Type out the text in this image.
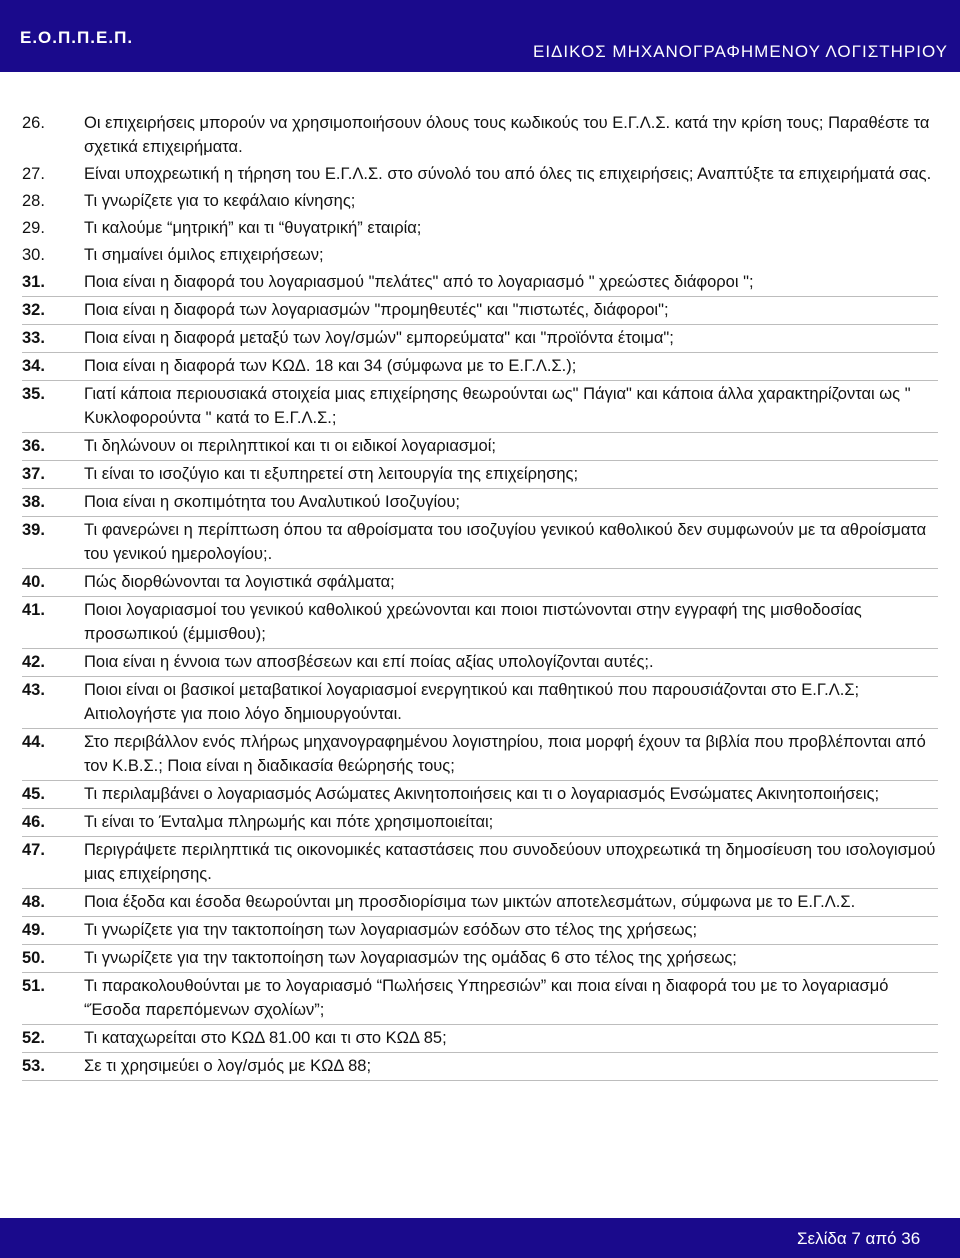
Ε.Ο.Π.Π.Ε.Π.
ΕΙΔΙΚΟΣ ΜΗΧΑΝΟΓΡΑΦΗΜΕΝΟΥ ΛΟΓΙΣΤΗΡΙΟΥ
26.	Οι επιχειρήσεις μπορούν να χρησιμοποιήσουν όλους τους κωδικούς του Ε.Γ.Λ.Σ. κατά την κρίση τους; Παραθέστε τα σχετικά επιχειρήματα.
27.	Είναι υποχρεωτική η τήρηση του Ε.Γ.Λ.Σ. στο σύνολό του από όλες τις επιχειρήσεις; Αναπτύξτε τα επιχειρήματά σας.
28.	Τι γνωρίζετε για το κεφάλαιο κίνησης;
29.	Τι καλούμε “μητρική” και τι “θυγατρική” εταιρία;
30.	Τι σημαίνει όμιλος επιχειρήσεων;
31.	Ποια είναι η διαφορά του λογαριασμού "πελάτες" από το λογαριασμό " χρεώστες διάφοροι ";
32.	Ποια είναι η διαφορά των λογαριασμών "προμηθευτές" και "πιστωτές, διάφοροι";
33.	Ποια είναι η διαφορά μεταξύ των λογ/σμών" εμπορεύματα" και "προϊόντα έτοιμα";
34.	Ποια είναι η διαφορά των ΚΩΔ. 18 και 34 (σύμφωνα με το Ε.Γ.Λ.Σ.);
35.	Γιατί κάποια περιουσιακά στοιχεία μιας επιχείρησης θεωρούνται ως" Πάγια" και κάποια άλλα χαρακτηρίζονται ως " Κυκλοφορούντα " κατά το Ε.Γ.Λ.Σ.;
36.	Τι δηλώνουν οι περιληπτικοί και τι οι ειδικοί λογαριασμοί;
37.	Τι είναι το ισοζύγιο και τι εξυπηρετεί στη λειτουργία της επιχείρησης;
38.	Ποια είναι η σκοπιμότητα του Αναλυτικού Ισοζυγίου;
39.	Τι φανερώνει η περίπτωση όπου τα αθροίσματα του ισοζυγίου γενικού καθολικού δεν συμφωνούν με τα αθροίσματα του γενικού ημερολογίου;.
40.	Πώς διορθώνονται τα λογιστικά σφάλματα;
41.	Ποιοι λογαριασμοί του γενικού καθολικού χρεώνονται και ποιοι πιστώνονται στην εγγραφή της μισθοδοσίας προσωπικού (έμμισθου);
42.	Ποια είναι η έννοια των αποσβέσεων και επί ποίας αξίας υπολογίζονται αυτές;.
43.	Ποιοι είναι οι βασικοί μεταβατικοί λογαριασμοί ενεργητικού και παθητικού που παρουσιάζονται στο Ε.Γ.Λ.Σ; Αιτιολογήστε για ποιο λόγο δημιουργούνται.
44.	Στο περιβάλλον ενός πλήρως μηχανογραφημένου λογιστηρίου, ποια μορφή έχουν τα βιβλία που προβλέπονται από τον Κ.Β.Σ.; Ποια είναι η διαδικασία θεώρησής τους;
45.	Τι περιλαμβάνει ο λογαριασμός Ασώματες Ακινητοποιήσεις και τι ο λογαριασμός Ενσώματες Ακινητοποιήσεις;
46.	Τι είναι το Ένταλμα πληρωμής και πότε χρησιμοποιείται;
47.	Περιγράψετε περιληπτικά τις οικονομικές καταστάσεις που συνοδεύουν υποχρεωτικά τη δημοσίευση του ισολογισμού μιας επιχείρησης.
48.	Ποια έξοδα και έσοδα θεωρούνται μη προσδιορίσιμα των μικτών αποτελεσμάτων, σύμφωνα με το Ε.Γ.Λ.Σ.
49.	Τι γνωρίζετε για την τακτοποίηση των λογαριασμών εσόδων στο τέλος της χρήσεως;
50.	Τι γνωρίζετε για την τακτοποίηση των λογαριασμών της ομάδας 6 στο τέλος της χρήσεως;
51.	Τι παρακολουθούνται με το λογαριασμό “Πωλήσεις Υπηρεσιών” και ποια είναι η διαφορά του με το λογαριασμό “Έσοδα παρεπόμενων σχολίων”;
52.	Τι καταχωρείται στο ΚΩΔ 81.00 και τι στο ΚΩΔ 85;
53.	Σε τι χρησιμεύει ο λογ/σμός με ΚΩΔ 88;
Σελίδα 7 από 36
